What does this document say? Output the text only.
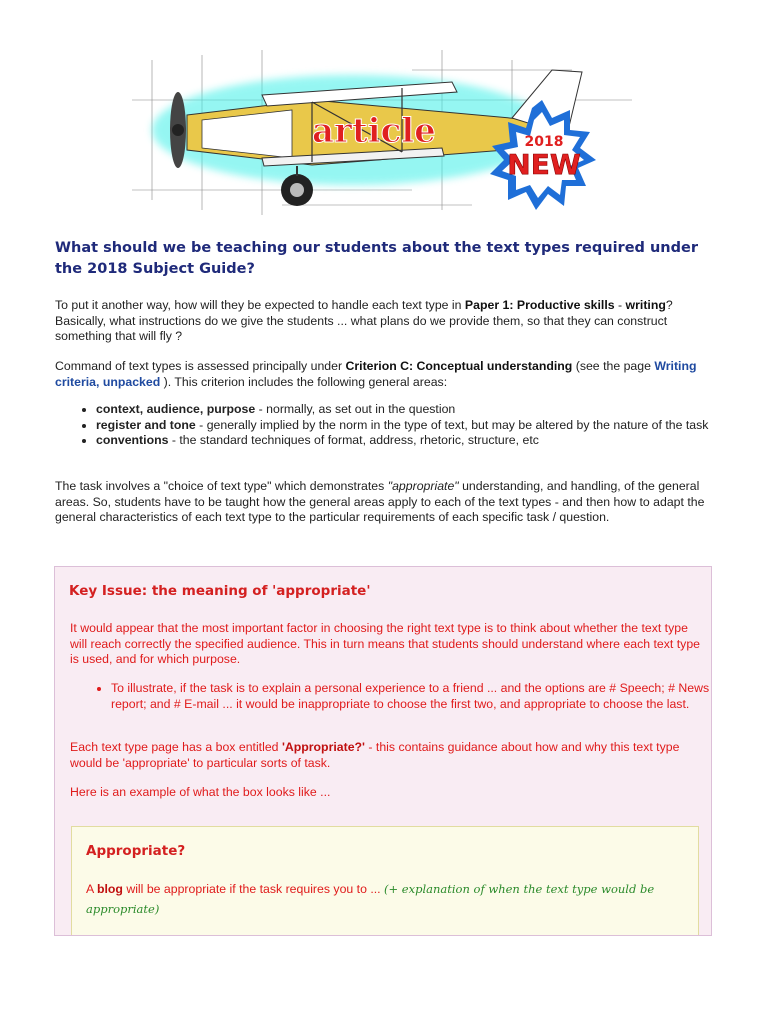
article	2018
NEW
What should we be teaching our students about the text types required under the 2018 Subject Guide?

To put it another way, how will they be expected to handle each text type in Paper 1: Productive skills - writing? Basically, what instructions do we give the students ... what plans do we provide them, so that they can construct something that will fly ?

Command of text types is assessed principally under Criterion C: Conceptual understanding (see the page Writing criteria, unpacked ). This criterion includes the following general areas:

• context, audience, purpose - normally, as set out in the question
• register and tone - generally implied by the norm in the type of text, but may be altered by the nature of the task
• conventions - the standard techniques of format, address, rhetoric, structure, etc

The task involves a "choice of text type" which demonstrates "appropriate" understanding, and handling, of the general areas. So, students have to be taught how the general areas apply to each of the text types - and then how to adapt the general characteristics of each text type to the particular requirements of each specific task / question.

Key Issue: the meaning of 'appropriate'

It would appear that the most important factor in choosing the right text type is to think about whether the text type will reach correctly the specified audience. This in turn means that students should understand where each text type is used, and for which purpose.

• To illustrate, if the task is to explain a personal experience to a friend ... and the options are # Speech; # News report; and # E-mail ... it would be inappropriate to choose the first two, and appropriate to choose the last.

Each text type page has a box entitled 'Appropriate?' - this contains guidance about how and why this text type would be 'appropriate' to particular sorts of task.

Here is an example of what the box looks like ...

Appropriate?

A blog will be appropriate if the task requires you to ... (+ explanation of when the text type would be appropriate)
